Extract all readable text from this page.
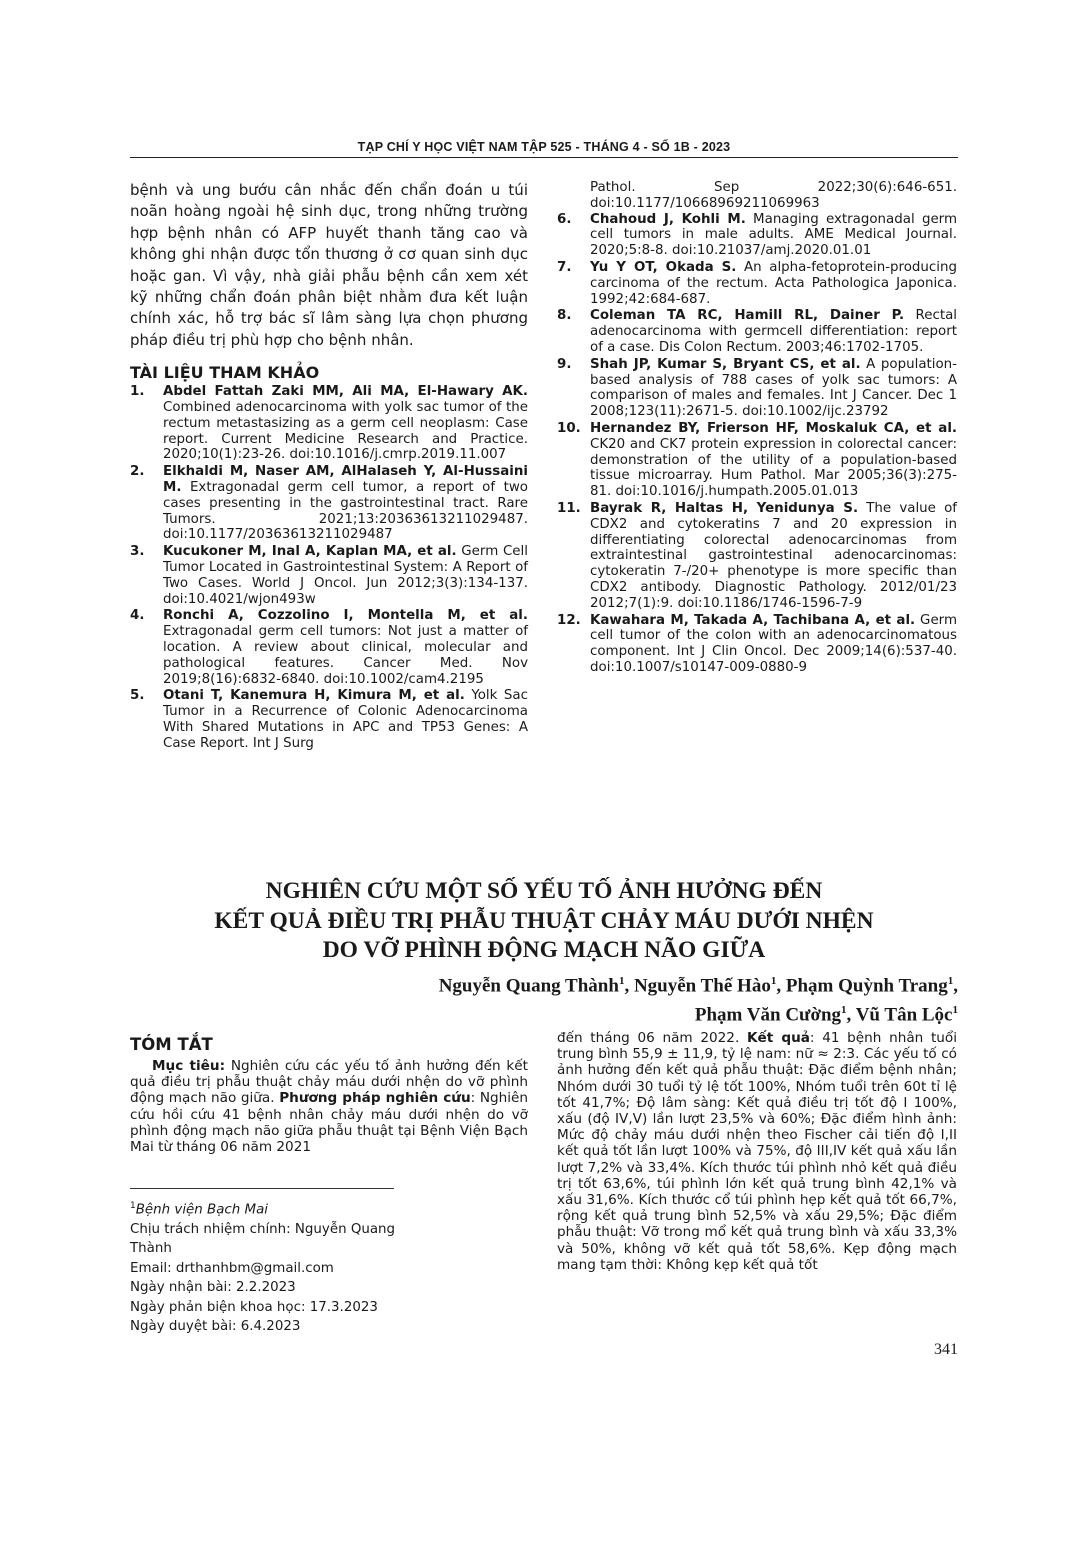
TẠP CHÍ Y HỌC VIỆT NAM TẬP 525 - THÁNG 4 - SỐ 1B - 2023

bệnh và ung bướu cân nhắc đến chẩn đoán u túi noãn hoàng ngoài hệ sinh dục, trong những trường hợp bệnh nhân có AFP huyết thanh tăng cao và không ghi nhận được tổn thương ở cơ quan sinh dục hoặc gan. Vì vậy, nhà giải phẫu bệnh cần xem xét kỹ những chẩn đoán phân biệt nhằm đưa kết luận chính xác, hỗ trợ bác sĩ lâm sàng lựa chọn phương pháp điều trị phù hợp cho bệnh nhân.

TÀI LIỆU THAM KHẢO

1.	Abdel Fattah Zaki MM, Ali MA, El-Hawary AK. Combined adenocarcinoma with yolk sac tumor of the rectum metastasizing as a germ cell neoplasm: Case report. Current Medicine Research and Practice. 2020;10(1):23-26. doi:10.1016/j.cmrp.2019.11.007
2.	Elkhaldi M, Naser AM, AlHalaseh Y, Al-Hussaini M. Extragonadal germ cell tumor, a report of two cases presenting in the gastrointestinal tract. Rare Tumors. 2021;13:20363613211029487. doi:10.1177/20363613211029487
3.	Kucukoner M, Inal A, Kaplan MA, et al. Germ Cell Tumor Located in Gastrointestinal System: A Report of Two Cases. World J Oncol. Jun 2012;3(3):134-137. doi:10.4021/wjon493w
4.	Ronchi A, Cozzolino I, Montella M, et al. Extragonadal germ cell tumors: Not just a matter of location. A review about clinical, molecular and pathological features. Cancer Med. Nov 2019;8(16):6832-6840. doi:10.1002/cam4.2195
5.	Otani T, Kanemura H, Kimura M, et al. Yolk Sac Tumor in a Recurrence of Colonic Adenocarcinoma With Shared Mutations in APC and TP53 Genes: A Case Report. Int J Surg
Pathol. Sep 2022;30(6):646-651. doi:10.1177/10668969211069963
6.	Chahoud J, Kohli M. Managing extragonadal germ cell tumors in male adults. AME Medical Journal. 2020;5:8-8. doi:10.21037/amj.2020.01.01
7.	Yu Y OT, Okada S. An alpha-fetoprotein-producing carcinoma of the rectum. Acta Pathologica Japonica. 1992;42:684-687.
8.	Coleman TA RC, Hamill RL, Dainer P. Rectal adenocarcinoma with germcell differentiation: report of a case. Dis Colon Rectum. 2003;46:1702-1705.
9.	Shah JP, Kumar S, Bryant CS, et al. A population-based analysis of 788 cases of yolk sac tumors: A comparison of males and females. Int J Cancer. Dec 1 2008;123(11):2671-5. doi:10.1002/ijc.23792
10. Hernandez BY, Frierson HF, Moskaluk CA, et al. CK20 and CK7 protein expression in colorectal cancer: demonstration of the utility of a population-based tissue microarray. Hum Pathol. Mar 2005;36(3):275-81. doi:10.1016/j.humpath.2005.01.013
11. Bayrak R, Haltas H, Yenidunya S. The value of CDX2 and cytokeratins 7 and 20 expression in differentiating colorectal adenocarcinomas from extraintestinal gastrointestinal adenocarcinomas: cytokeratin 7-/20+ phenotype is more specific than CDX2 antibody. Diagnostic Pathology. 2012/01/23 2012;7(1):9. doi:10.1186/1746-1596-7-9
12. Kawahara M, Takada A, Tachibana A, et al. Germ cell tumor of the colon with an adenocarcinomatous component. Int J Clin Oncol. Dec 2009;14(6):537-40. doi:10.1007/s10147-009-0880-9
NGHIÊN CỨU MỘT SỐ YẾU TỐ ẢNH HƯỞNG ĐẾN
KẾT QUẢ ĐIỀU TRỊ PHẪU THUẬT CHẢY MÁU DƯỚI NHỆN
DO VỠ PHÌNH ĐỘNG MẠCH NÃO GIỮA
Nguyễn Quang Thành$^1$, Nguyễn Thế Hào$^1$, Phạm Quỳnh Trang$^1$,
Phạm Văn Cường$^1$, Vũ Tân Lộc$^1$

TÓM TẮT

Mục tiêu: Nghiên cứu các yếu tố ảnh hưởng đến kết quả điều trị phẫu thuật chảy máu dưới nhện do vỡ phình động mạch não giữa. Phương pháp nghiên cứu: Nghiên cứu hồi cứu 41 bệnh nhân chảy máu dưới nhện do vỡ phình động mạch não giữa phẫu thuật tại Bệnh Viện Bạch Mai từ tháng 06 năm 2021

đến tháng 06 năm 2022. Kết quả: 41 bệnh nhân tuổi trung bình 55,9 ± 11,9, tỷ lệ nam: nữ ≈ 2:3. Các yếu tố có ảnh hưởng đến kết quả phẫu thuật: Đặc điểm bệnh nhân; Nhóm dưới 30 tuổi tỷ lệ tốt 100%, Nhóm tuổi trên 60t tỉ lệ tốt 41,7%; Độ lâm sàng: Kết quả điều trị tốt độ I 100%, xấu (độ IV,V) lần lượt 23,5% và 60%; Đặc điểm hình ảnh: Mức độ chảy máu dưới nhện theo Fischer cải tiến độ I,II kết quả tốt lần lượt 100% và 75%, độ III,IV kết quả xấu lần lượt 7,2% và 33,4%. Kích thước túi phình nhỏ kết quả điều trị tốt 63,6%, túi phình lớn kết quả trung bình 42,1% và xấu 31,6%. Kích thước cổ túi phình hẹp kết quả tốt 66,7%, rộng kết quả trung bình 52,5% và xấu 29,5%; Đặc điểm phẫu thuật: Vỡ trong mổ kết quả trung bình và xấu 33,3% và 50%, không vỡ kết quả tốt 58,6%. Kẹp động mạch mang tạm thời: Không kẹp kết quả tốt

$^1$Bệnh viện Bạch Mai
Chịu trách nhiệm chính: Nguyễn Quang Thành
Email: drthanhbm@gmail.com
Ngày nhận bài: 2.2.2023
Ngày phản biện khoa học: 17.3.2023
Ngày duyệt bài: 6.4.2023
341
